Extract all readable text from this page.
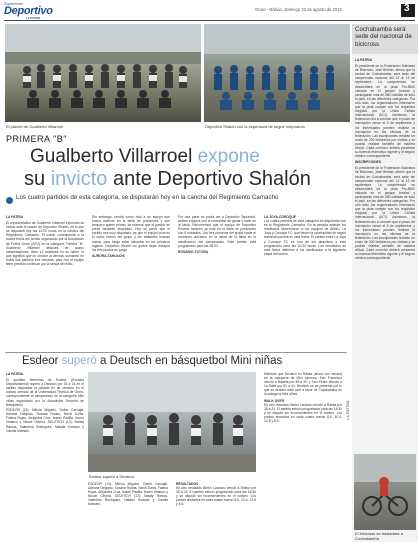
Suplemento
Deportivo
LA PATRIA
Oruro - Bolivia, domingo 23 de agosto de 2015	3
El plantel de Gualberto Villarroel	Deportivo Shalón con la esperanza de seguir mejorando
PRIMERA "B"
Gualberto Villarroel expone
su invicto ante Deportivo Shalón
Los cuatro partidos de esta categoría, se disputarán hoy en la cancha del Regimiento Camacho
LA PATRIA

El representativo de Gualberto Villarroel expondrá su invicto ante el cuadro de Deportivo Shalón, en lo que se disputará hoy las 14:00 horas en la cancha del Regimiento Camacho. El cotejo corresponde a la cuarta fecha del torneo organizado por la Asociación de Fútbol Oruro (AFO) en la categoría Primera "B". Gualberto Villarroel después de cuatro presentaciones, tiene 12 unidades en su haber, lo que significa que no conoce la derrota, sumando en todos sus partidos tres victorias; para hoy el equipo tiene previsto continuar por la senda del éxito.

Sin embargo, tendrá como rival a un equipo que busca avanzar en la tabla de posiciones y que tampoco quiere perder, de manera que el partido se prevé bastante disputado. Hoy se prevé que el partido sea muy disputado, ya que el equipo local es el único invicto del grupo y los visitantes buscan sumar, para luego estar ubicados en los primeros lugares. Deportivo Shalón no quiere dejar escapar los tres puntos en juego.

AURORA-TAHUACHI

Por otra parte se podrá ver a Deportivo Tarcanchi, ambos equipos con la necesidad de ganar y subir en la tabla. Recordemos que el equipo de Deportivo Rosario también ya está en la tabla de posiciones con 5 unidades. Los tres primeros del grupo hasta el momento ubicados en la mitad de la tabla en la clasificación del campeonato. Este partido está programado para las 08:30.

ROSARIO-TOTORA
LA JOYA-COROQUE

Los cuatro partidos de esta categoría se disputarán hoy en el Regimiento Camacho. En la jornada anterior los resultados favorecieron a los equipos de Alletro, La Joya y Coroque FC, que tienen la oportunidad de seguir sumando puntos en esta fecha. El partido entre La Joya y Coroque FC es uno de los atractivos y está programado para las 10:30 horas. Los resultados de esta fecha definirán a los clasificados a la siguiente etapa del torneo.

Esdeor superó a Deutsch en básquetbol Mini niñas
LA PATRIA

El quinteto femenino de Esdeor (Escuela Departamental) superó a Deutsch por 36 a 24 en el partido disputado el pasado fin de semana en el coliseo cerrado de la Universidad Técnica de Oruro, correspondiente al campeonato de la categoría Mini niñas organizado por la Asociación Orureña de Básquetbol.

ESDEOR (13): Milena Miguelo, Dafne Carvajal, Adriana Delgado, Susana Rodas, Nicoll Zurita, Fátima Rojas, Alejandra Cruz, Isabel Padilla, Karen Velasco y Nicole Olivera. DEUTSCH (12): Nataly Ramos, Valentina Rodríguez, Natalia Hurtado y Camila Mamani.

Esdeor superó a Deutsch

ESDEOR (13): Milena Miguelo, Dafne Carvajal, Adriana Delgado, Susana Rodas, Nicoll Zurita, Fátima Rojas, Alejandra Cruz, Isabel Padilla, Karen Velasco y Nicole Olivera. DEUTSCH (12): Nataly Ramos, Valentina Rodríguez, Natalia Hurtado y Camila Mamani.

RESULTADOS

En otro resultado Berlín Lizarazu venció a Rakka por 38 a 24. El partido estuvo programado para las 16:30 y se disputó sin inconvenientes en el coliseo. Los puntos anotados en cada cuarto fueron 8-6, 10-4, 12-8 y 8-6.

Mientras que Deutsch en Rakka (ahora con menos) en la categoría de Mini varones, San Francisco venció a Brasilia por 48 a 40, y San Pedro derrotó a La Salle por 52 a 44. Deutsch no se presentó por lo que se declaró walk over a favor de Copacabana en la categoría Mini niñas.

WALK OVER

En otro resultado Berlín Lizarazu venció a Rakka por 38 a 24. El partido estuvo programado para las 16:30 y se disputó sin inconvenientes en el coliseo. Los puntos anotados en cada cuarto fueron 8-6, 10-4, 12-8 y 8-6.

LA PATRIA
Cochabamba será sede del nacional de bicicross
LA PATRIA

El presidente de la Federación Boliviana de Bicicross, José Beltrán, afirmó que la ciudad de Cochabamba, será sede del campeonato nacional del 12 al 13 de septiembre. La competencia se desarrollará en la pista Pro-BMX ubicada en el parque Arrabal y participarán más de 380 ciclistas de todo el país, en las diferentes categorías. Por otro lado, los organizadores informaron que la pista cumple con los requisitos exigidos por la Unión Ciclista Internacional (UCI). Asimismo, la federación dio a conocer que el plazo de inscripción vence el 5 de septiembre y los interesados pueden realizar la inscripción en las oficinas de la federación. Las inscripciones tendrán un costo de 200 bolivianos por ciclista y se podrán realizar también de manera virtual. Cada corredor deberá presentar su licencia federativa vigente y el seguro médico correspondiente.

INSCRIPCIONES

El presidente de la Federación Boliviana de Bicicross, José Beltrán, afirmó que la ciudad de Cochabamba, será sede del campeonato nacional del 12 al 13 de septiembre. La competencia se desarrollará en la pista Pro-BMX ubicada en el parque Arrabal y participarán más de 380 ciclistas de todo el país, en las diferentes categorías. Por otro lado, los organizadores informaron que la pista cumple con los requisitos exigidos por la Unión Ciclista Internacional (UCI). Asimismo, la federación dio a conocer que el plazo de inscripción vence el 5 de septiembre y los interesados pueden realizar la inscripción en las oficinas de la federación. Las inscripciones tendrán un costo de 200 bolivianos por ciclista y se podrán realizar también de manera virtual. Cada corredor deberá presentar su licencia federativa vigente y el seguro médico correspondiente.

El bicicross se trasladará a Cochabamba
